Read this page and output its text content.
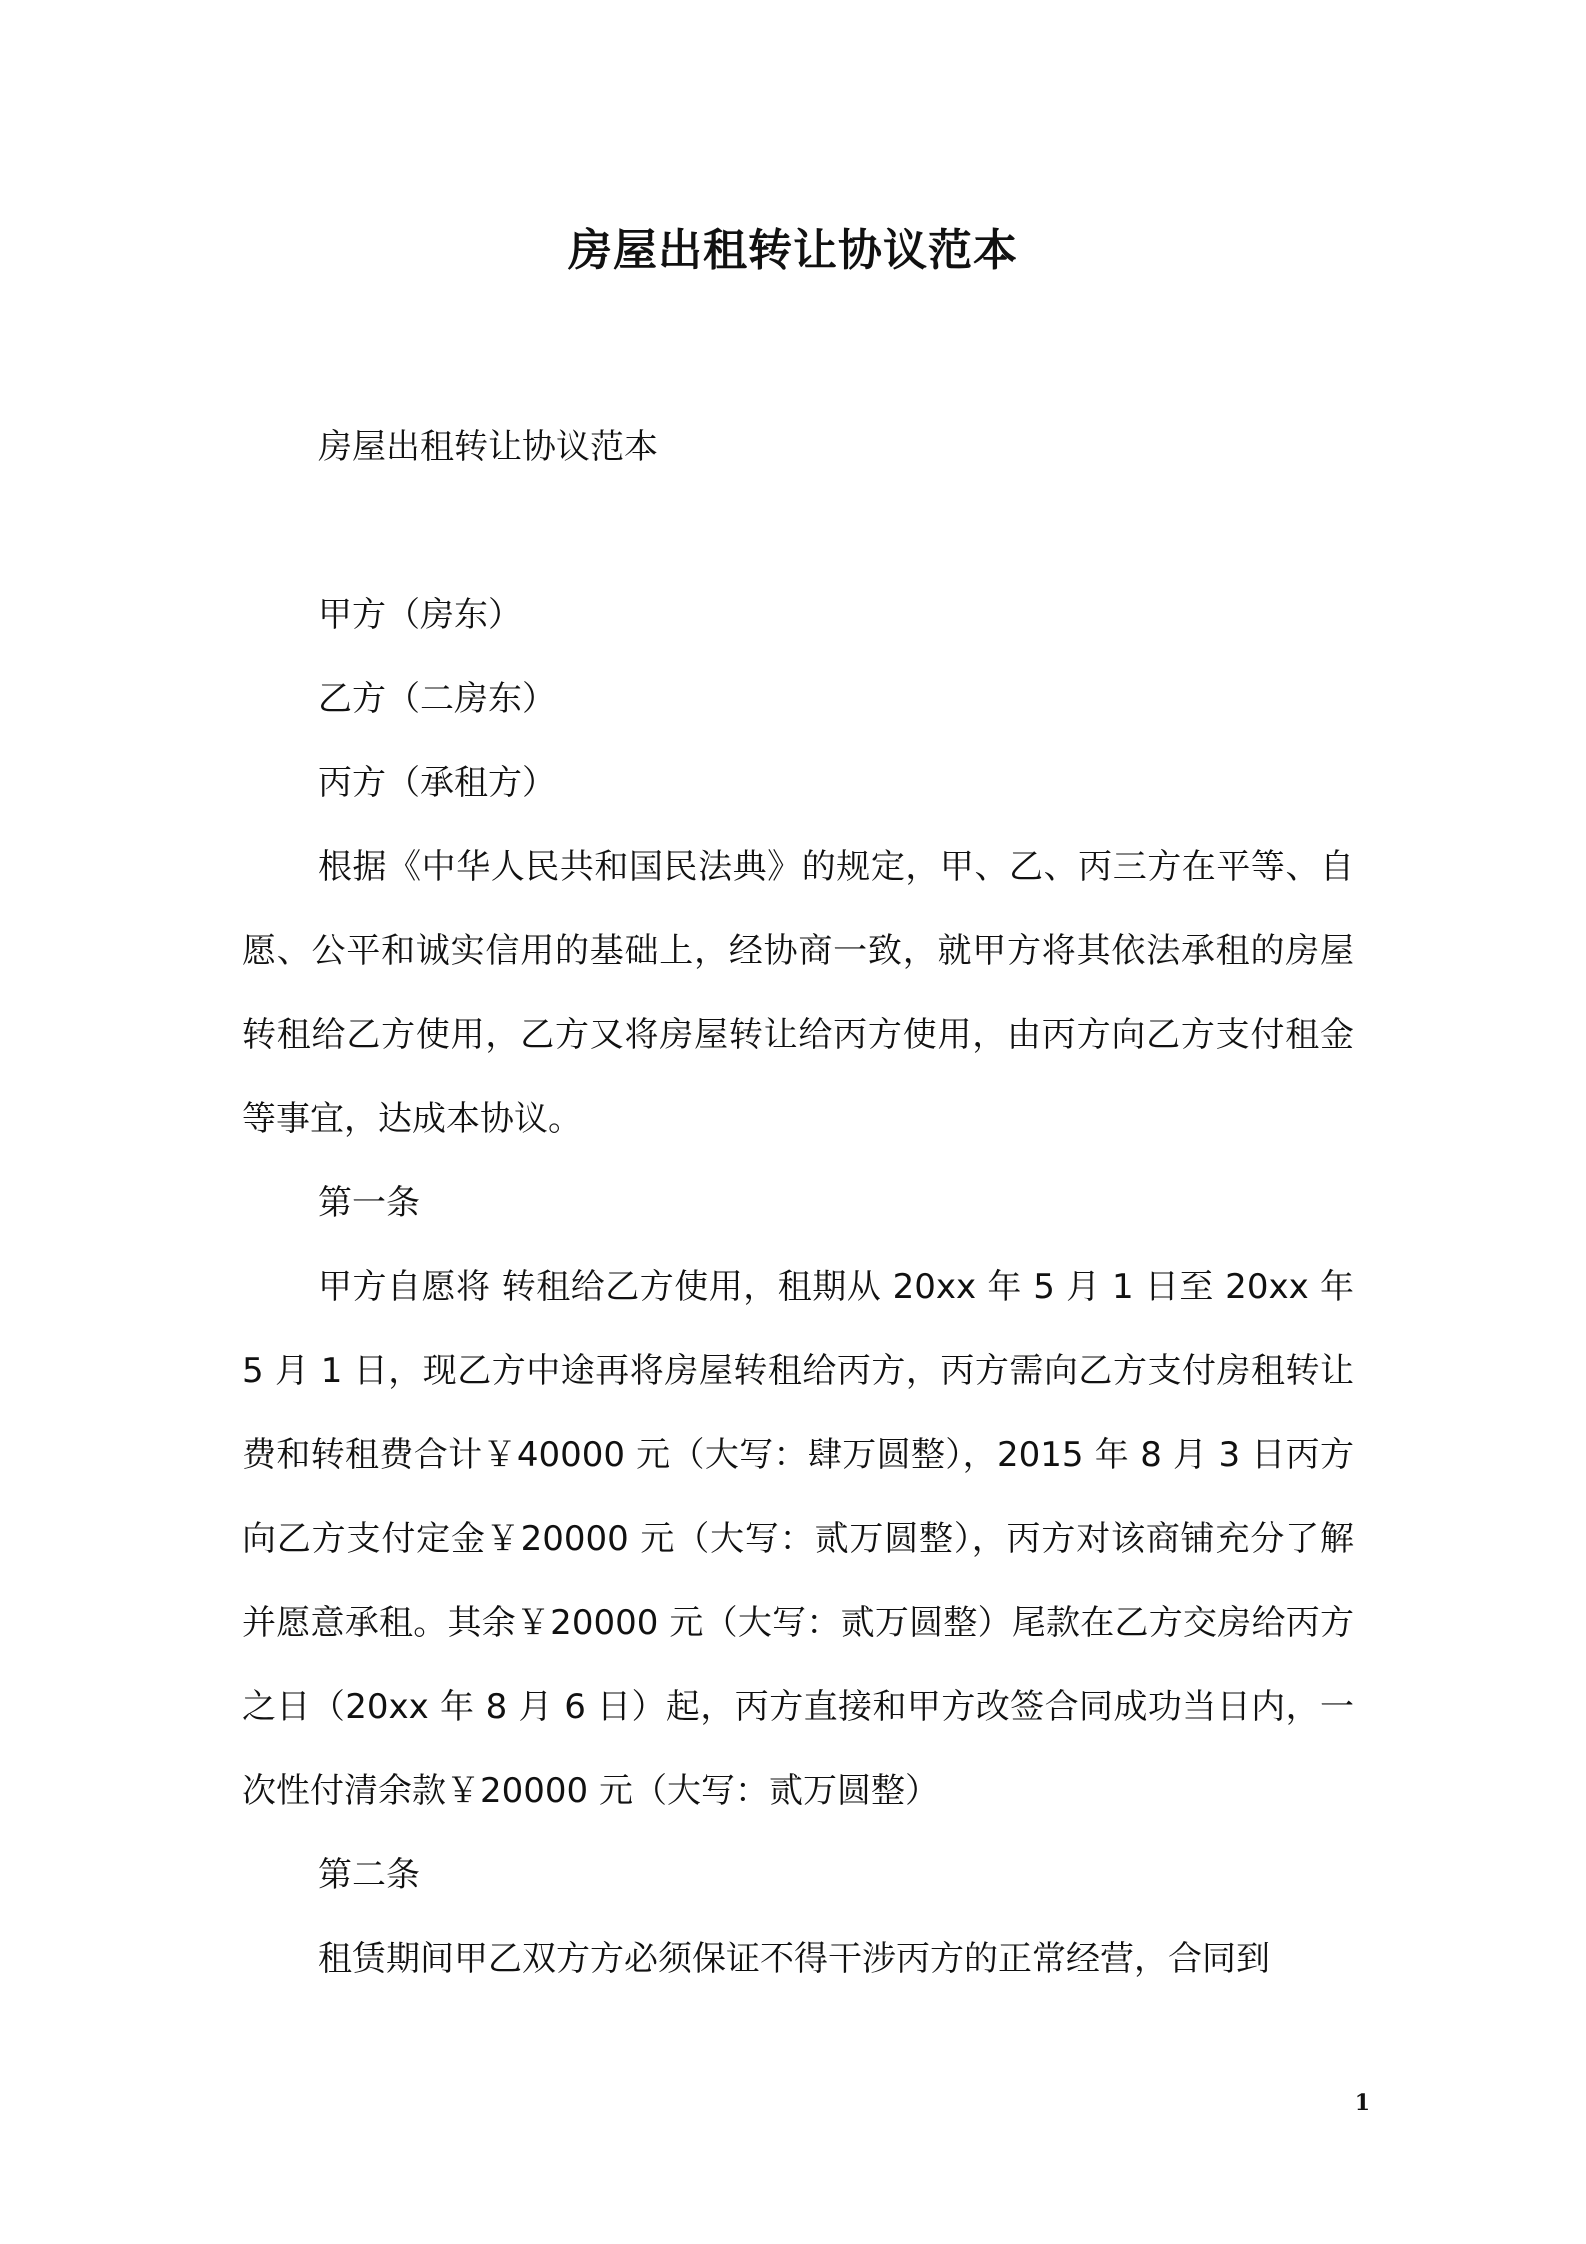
房屋出租转让协议范本

房屋出租转让协议范本

甲方（房东）

乙方（二房东）

丙方（承租方）

根据《中华人民共和国民法典》的规定，甲、乙、丙三方在平等、自愿、公平和诚实信用的基础上，经协商一致，就甲方将其依法承租的房屋转租给乙方使用，乙方又将房屋转让给丙方使用，由丙方向乙方支付租金等事宜，达成本协议。

第一条

甲方自愿将 转租给乙方使用，租期从 20xx 年 5 月 1 日至 20xx 年 5 月 1 日，现乙方中途再将房屋转租给丙方，丙方需向乙方支付房租转让费和转租费合计￥40000 元（大写：肆万圆整），2015 年 8 月 3 日丙方向乙方支付定金￥20000 元（大写：贰万圆整），丙方对该商铺充分了解并愿意承租。其余￥20000 元（大写：贰万圆整）尾款在乙方交房给丙方之日（20xx 年 8 月 6 日）起，丙方直接和甲方改签合同成功当日内，一次性付清余款￥20000 元（大写：贰万圆整）

第二条

租赁期间甲乙双方方必须保证不得干涉丙方的正常经营，合同到

1
